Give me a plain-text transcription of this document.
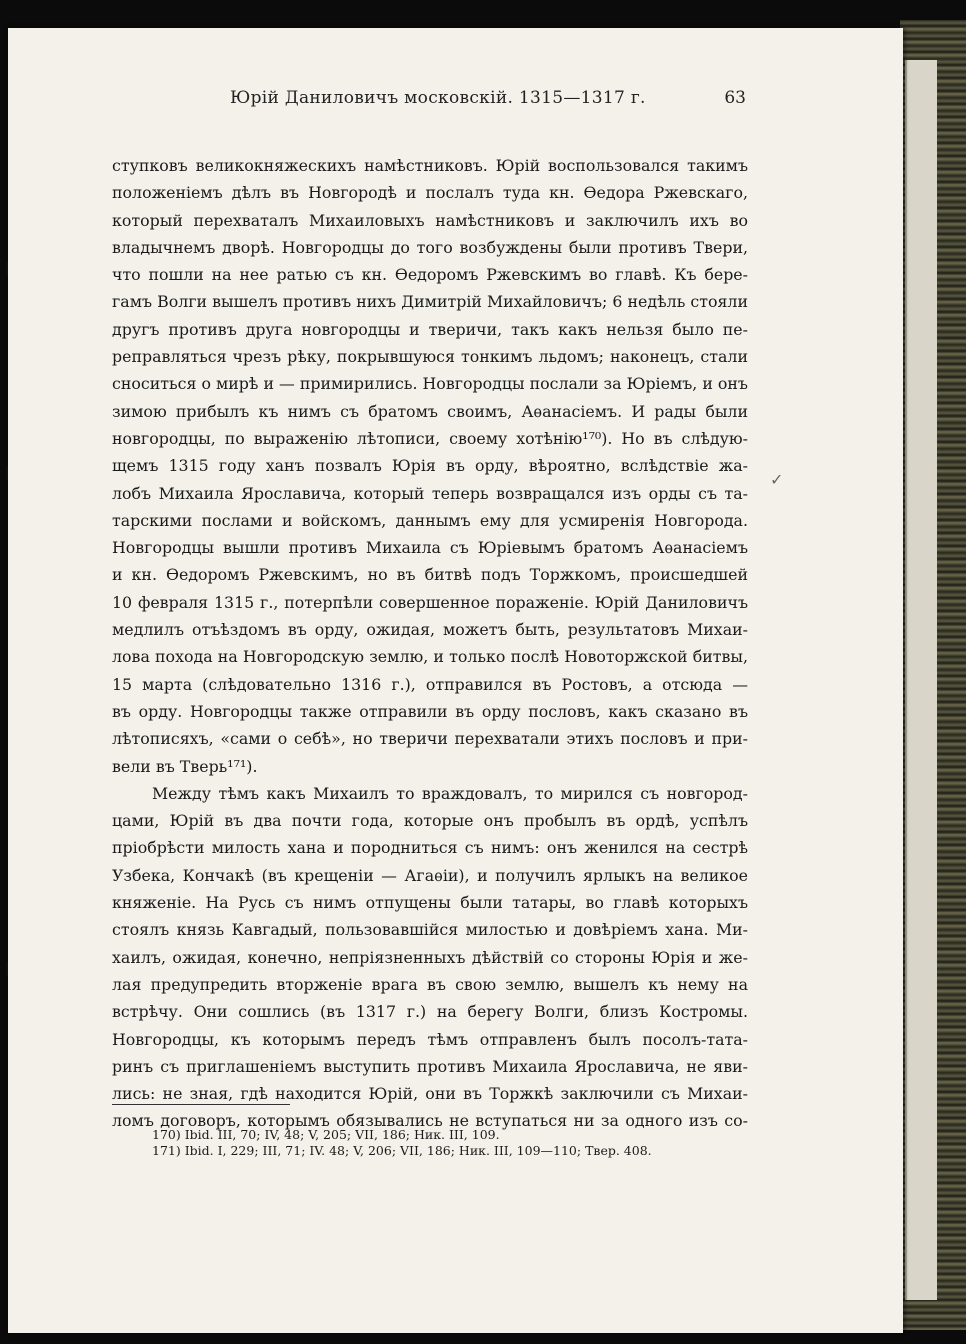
Юрій Даниловичъ московскій. 1315—1317 г.	63
ступковъ великокняжескихъ намѣстниковъ. Юрій воспользовался такимъ
положеніемъ дѣлъ въ Новгородѣ и послалъ туда кн. Ѳедора Ржевскаго,
который перехваталъ Михаиловыхъ намѣстниковъ и заключилъ ихъ во
владычнемъ дворѣ. Новгородцы до того возбуждены были противъ Твери,
что пошли на нее ратью съ кн. Ѳедоромъ Ржевскимъ во главѣ. Къ бере-
гамъ Волги вышелъ противъ нихъ Димитрій Михайловичъ; 6 недѣль стояли
другъ противъ друга новгородцы и тверичи, такъ какъ нельзя было пе-
реправляться чрезъ рѣку, покрывшуюся тонкимъ льдомъ; наконецъ, стали
сноситься о мирѣ и — примирились. Новгородцы послали за Юріемъ, и онъ
зимою прибылъ къ нимъ съ братомъ своимъ, Аѳанасіемъ. И рады были
новгородцы, по выраженію лѣтописи, своему хотѣнію¹⁷⁰). Но въ слѣдую-
щемъ 1315 году ханъ позвалъ Юрія въ орду, вѣроятно, вслѣдствіе жа-
лобъ Михаила Ярославича, который теперь возвращался изъ орды съ та-
тарскими послами и войскомъ, даннымъ ему для усмиренія Новгорода.
Новгородцы вышли противъ Михаила съ Юріевымъ братомъ Аѳанасіемъ
и кн. Ѳедоромъ Ржевскимъ, но въ битвѣ подъ Торжкомъ, происшедшей
10 февраля 1315 г., потерпѣли совершенное пораженіе. Юрій Даниловичъ
медлилъ отъѣздомъ въ орду, ожидая, можетъ быть, результатовъ Михаи-
лова похода на Новгородскую землю, и только послѣ Новоторжской битвы,
15 марта (слѣдовательно 1316 г.), отправился въ Ростовъ, а отсюда —
въ орду. Новгородцы также отправили въ орду пословъ, какъ сказано въ
лѣтописяхъ, «сами о себѣ», но тверичи перехватали этихъ пословъ и при-
вели въ Тверь¹⁷¹).
Между тѣмъ какъ Михаилъ то враждовалъ, то мирился съ новгород-
цами, Юрій въ два почти года, которые онъ пробылъ въ ордѣ, успѣлъ
пріобрѣсти милость хана и породниться съ нимъ: онъ женился на сестрѣ
Узбека, Кончакѣ (въ крещеніи — Агаѳіи), и получилъ ярлыкъ на великое
княженіе. На Русь съ нимъ отпущены были татары, во главѣ которыхъ
стоялъ князь Кавгадый, пользовавшійся милостью и довѣріемъ хана. Ми-
хаилъ, ожидая, конечно, непріязненныхъ дѣйствій со стороны Юрія и же-
лая предупредить вторженіе врага въ свою землю, вышелъ къ нему на
встрѣчу. Они сошлись (въ 1317 г.) на берегу Волги, близъ Костромы.
Новгородцы, къ которымъ передъ тѣмъ отправленъ былъ посолъ-тата-
ринъ съ приглашеніемъ выступить противъ Михаила Ярославича, не яви-
лись: не зная, гдѣ находится Юрій, они въ Торжкѣ заключили съ Михаи-
ломъ договоръ, которымъ обязывались не вступаться ни за одного изъ со-
✓
170) Ibid. III, 70; IV, 48; V, 205; VII, 186; Ник. III, 109.
171) Ibid. I, 229; III, 71; IV. 48; V, 206; VII, 186; Ник. III, 109—110; Твер. 408.
